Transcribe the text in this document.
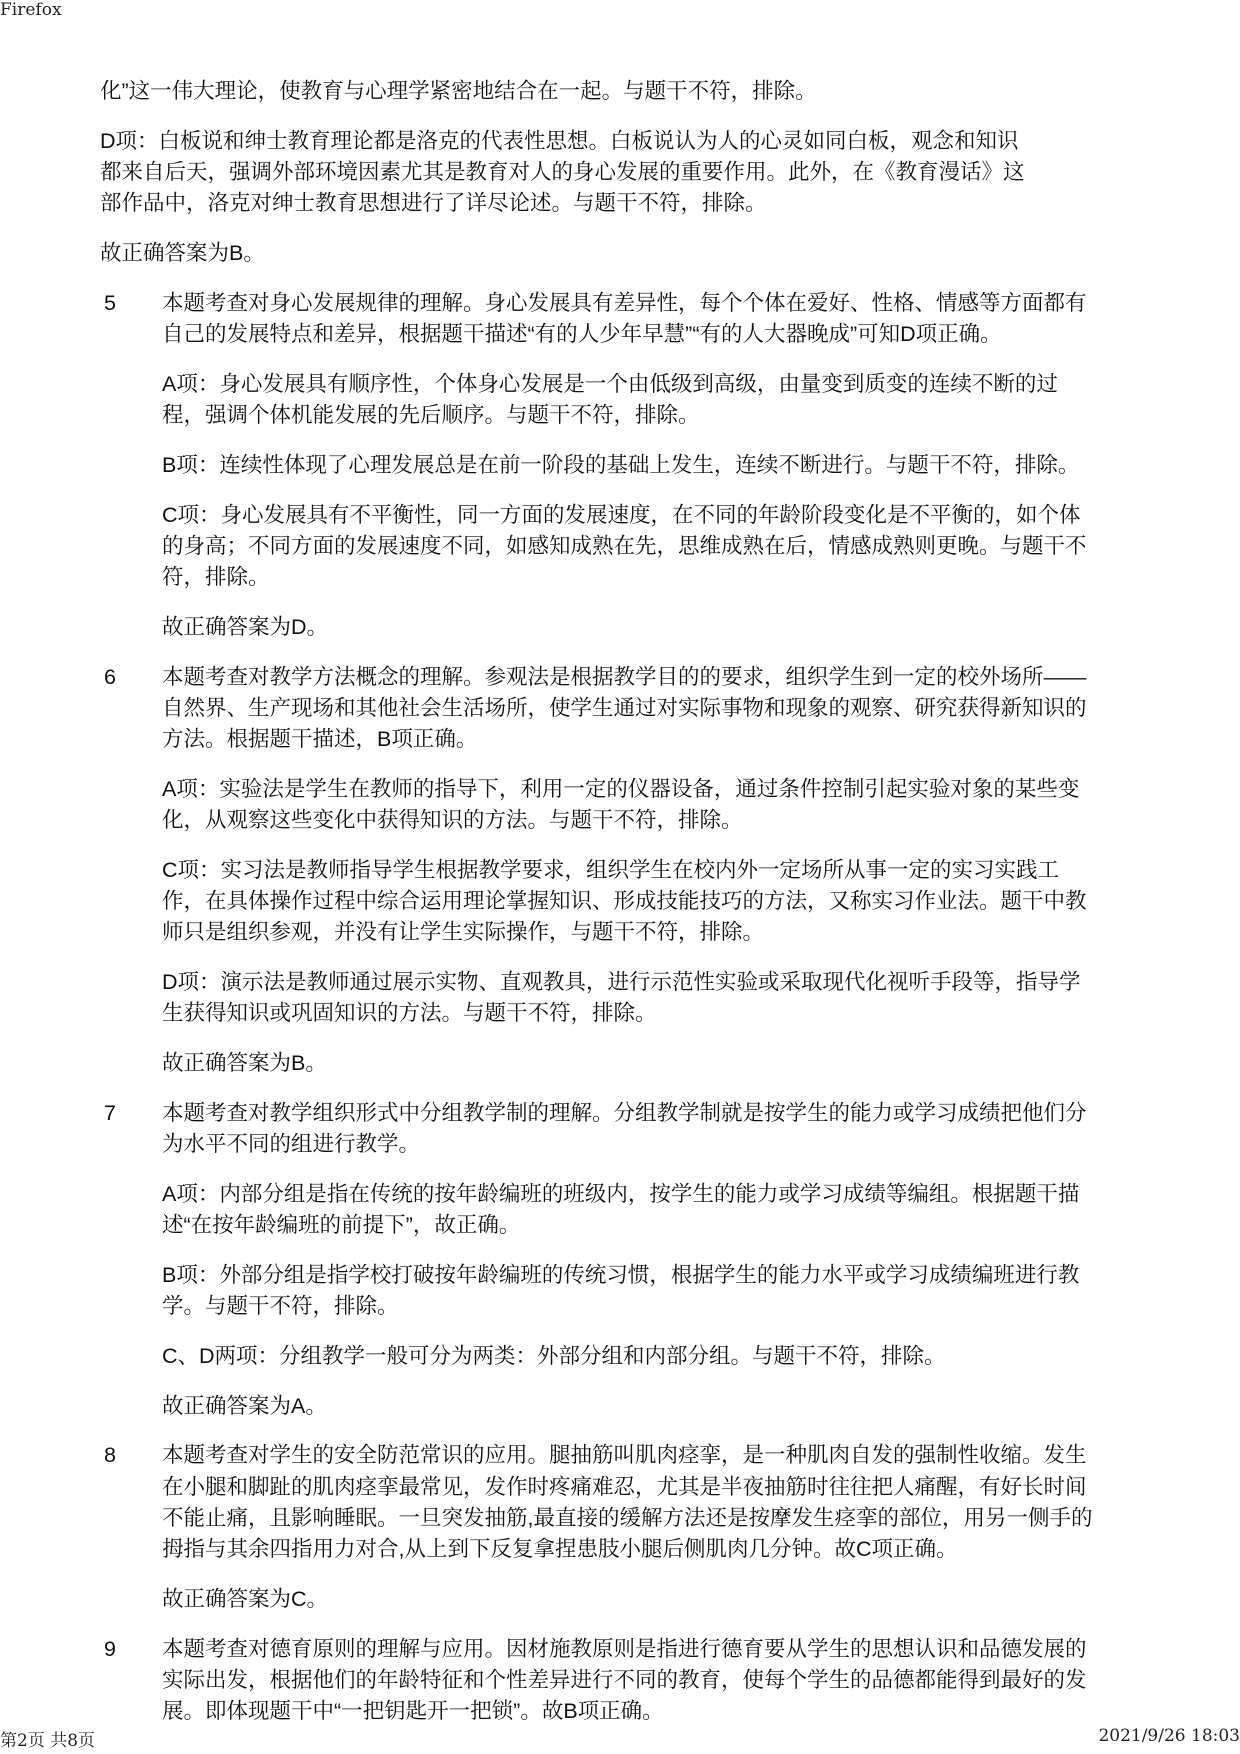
Firefox

化”这一伟大理论，使教育与心理学紧密地结合在一起。与题干不符，排除。

D项：白板说和绅士教育理论都是洛克的代表性思想。白板说认为人的心灵如同白板，观念和知识
都来自后天，强调外部环境因素尤其是教育对人的身心发展的重要作用。此外，在《教育漫话》这
部作品中，洛克对绅士教育思想进行了详尽论述。与题干不符，排除。

故正确答案为B。

5 本题考查对身心发展规律的理解。身心发展具有差异性，每个个体在爱好、性格、情感等方面都有
自己的发展特点和差异，根据题干描述“有的人少年早慧”“有的人大器晚成”可知D项正确。

A项：身心发展具有顺序性，个体身心发展是一个由低级到高级，由量变到质变的连续不断的过
程，强调个体机能发展的先后顺序。与题干不符，排除。

B项：连续性体现了心理发展总是在前一阶段的基础上发生，连续不断进行。与题干不符，排除。

C项：身心发展具有不平衡性，同一方面的发展速度，在不同的年龄阶段变化是不平衡的，如个体
的身高；不同方面的发展速度不同，如感知成熟在先，思维成熟在后，情感成熟则更晚。与题干不
符，排除。

故正确答案为D。

6 本题考查对教学方法概念的理解。参观法是根据教学目的的要求，组织学生到一定的校外场所——
自然界、生产现场和其他社会生活场所，使学生通过对实际事物和现象的观察、研究获得新知识的
方法。根据题干描述，B项正确。

A项：实验法是学生在教师的指导下，利用一定的仪器设备，通过条件控制引起实验对象的某些变
化，从观察这些变化中获得知识的方法。与题干不符，排除。

C项：实习法是教师指导学生根据教学要求，组织学生在校内外一定场所从事一定的实习实践工
作，在具体操作过程中综合运用理论掌握知识、形成技能技巧的方法，又称实习作业法。题干中教
师只是组织参观，并没有让学生实际操作，与题干不符，排除。

D项：演示法是教师通过展示实物、直观教具，进行示范性实验或采取现代化视听手段等，指导学
生获得知识或巩固知识的方法。与题干不符，排除。

故正确答案为B。

7 本题考查对教学组织形式中分组教学制的理解。分组教学制就是按学生的能力或学习成绩把他们分
为水平不同的组进行教学。

A项：内部分组是指在传统的按年龄编班的班级内，按学生的能力或学习成绩等编组。根据题干描
述“在按年龄编班的前提下”，故正确。

B项：外部分组是指学校打破按年龄编班的传统习惯，根据学生的能力水平或学习成绩编班进行教
学。与题干不符，排除。

C、D两项：分组教学一般可分为两类：外部分组和内部分组。与题干不符，排除。

故正确答案为A。

8 本题考查对学生的安全防范常识的应用。腿抽筋叫肌肉痉挛，是一种肌肉自发的强制性收缩。发生
在小腿和脚趾的肌肉痉挛最常见，发作时疼痛难忍，尤其是半夜抽筋时往往把人痛醒，有好长时间
不能止痛，且影响睡眠。一旦突发抽筋,最直接的缓解方法还是按摩发生痉挛的部位，用另一侧手的
拇指与其余四指用力对合,从上到下反复拿捏患肢小腿后侧肌肉几分钟。故C项正确。

故正确答案为C。

9 本题考查对德育原则的理解与应用。因材施教原则是指进行德育要从学生的思想认识和品德发展的
实际出发，根据他们的年龄特征和个性差异进行不同的教育，使每个学生的品德都能得到最好的发
展。即体现题干中“一把钥匙开一把锁”。故B项正确。

第2页 共8页	2021/9/26 18:03
